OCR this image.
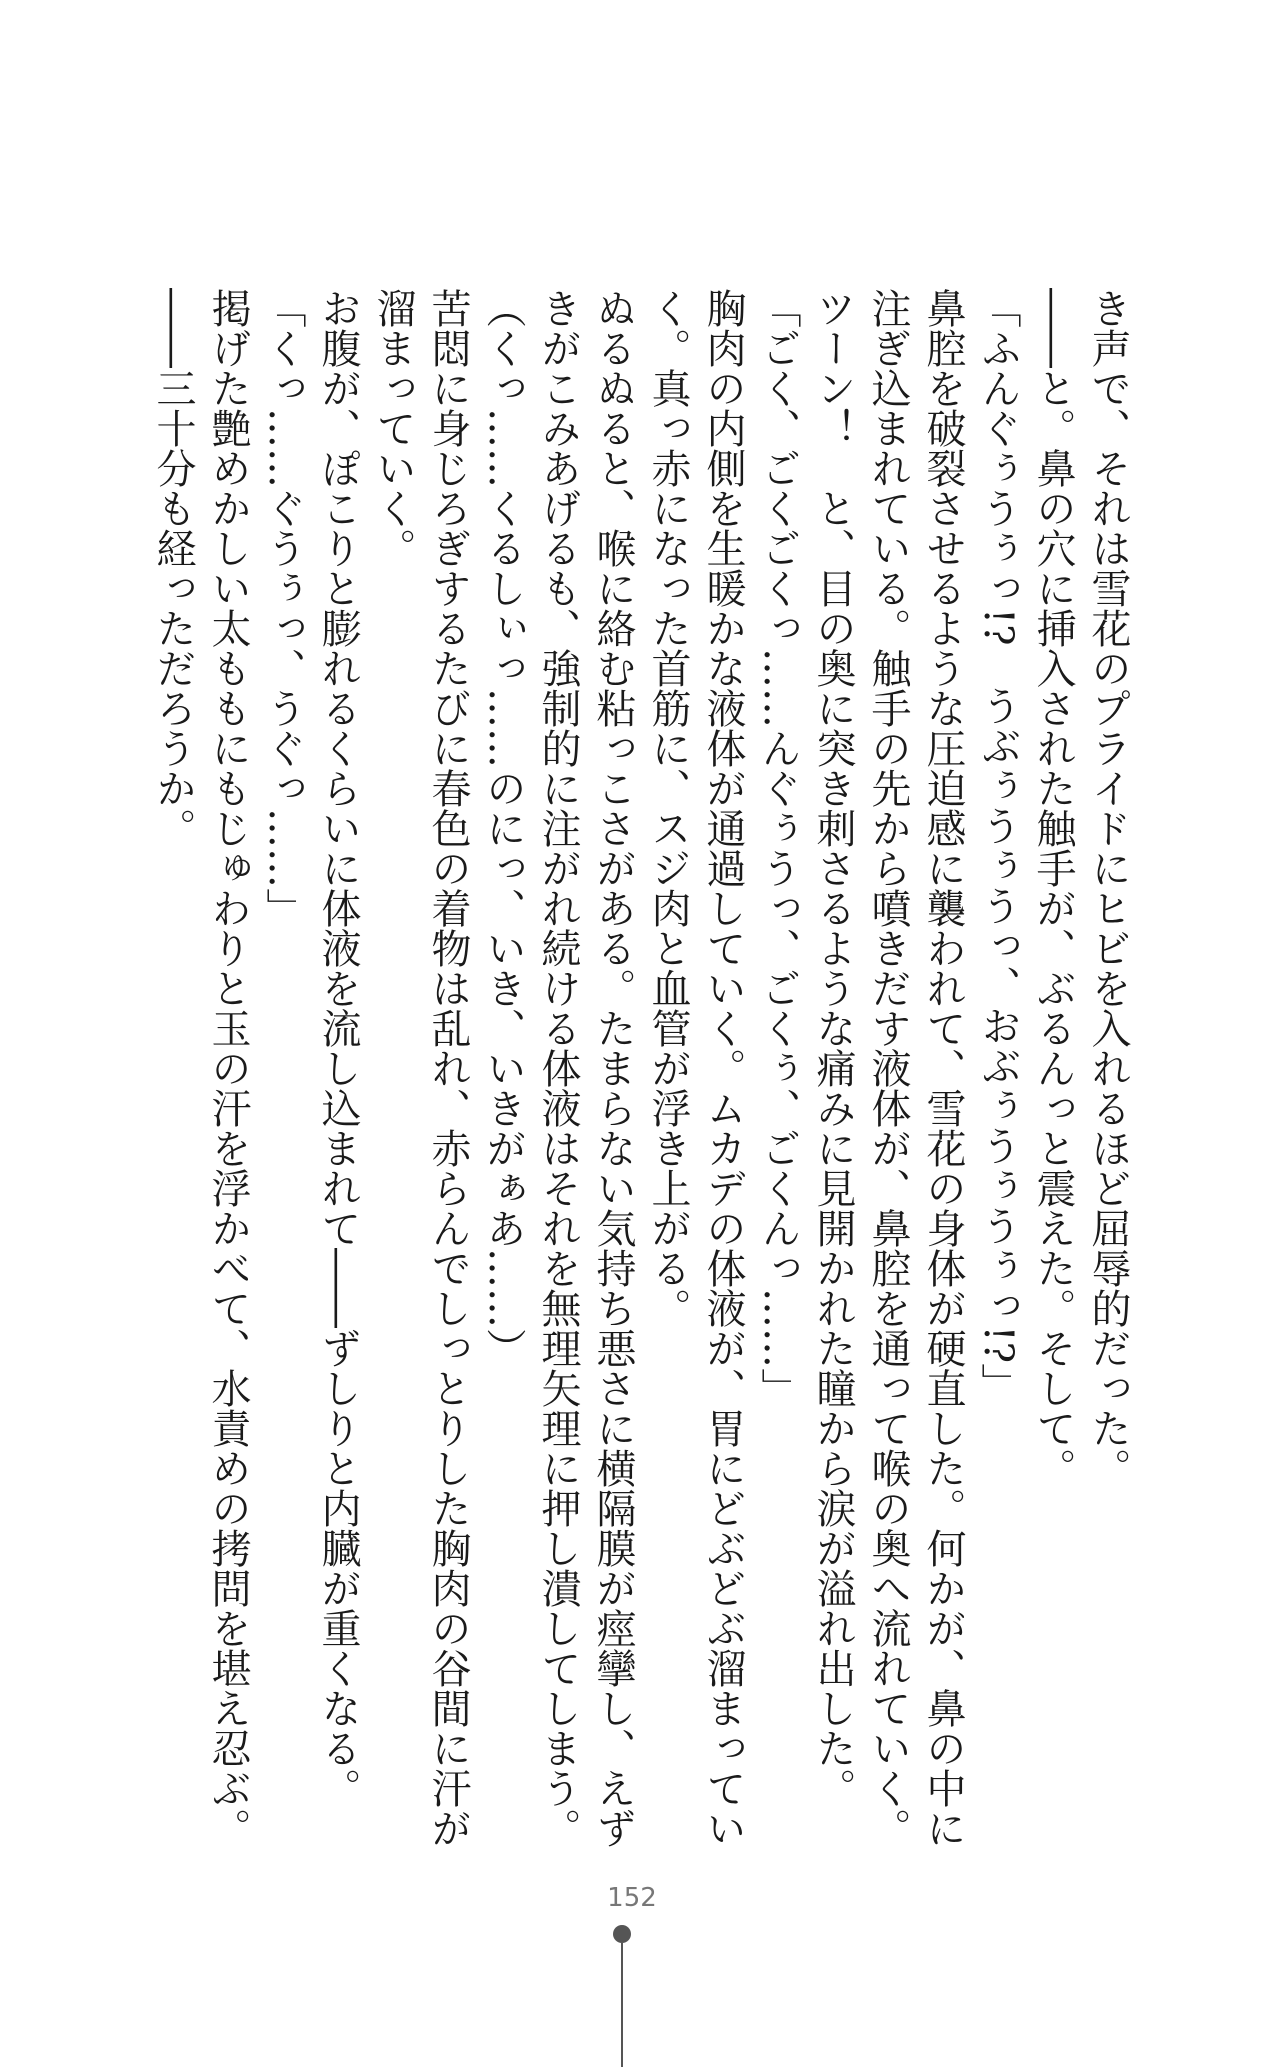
き声で、それは雪花のプライドにヒビを入れるほど屈辱的だった。
――と。鼻の穴に挿入された触手が、ぶるんっと震えた。そして。
「ふんぐぅうぅっ!?　うぶぅうぅうっ、おぶぅうぅうぅっ!?」
鼻腔を破裂させるような圧迫感に襲われて、雪花の身体が硬直した。何かが、鼻の中に
注ぎ込まれている。触手の先から噴きだす液体が、鼻腔を通って喉の奥へ流れていく。
ツーン！　と、目の奥に突き刺さるような痛みに見開かれた瞳から涙が溢れ出した。
「ごく、ごくごくっ……んぐぅうっ、ごくぅ、ごくんっ……」
胸肉の内側を生暖かな液体が通過していく。ムカデの体液が、胃にどぶどぶ溜まってい
く。真っ赤になった首筋に、スジ肉と血管が浮き上がる。
ぬるぬると、喉に絡む粘っこさがある。たまらない気持ち悪さに横隔膜が痙攣し、えず
きがこみあげるも、強制的に注がれ続ける体液はそれを無理矢理に押し潰してしまう。
（くっ……くるしぃっ……のにっ、いき、いきがぁあ……）
苦悶に身じろぎするたびに春色の着物は乱れ、赤らんでしっとりした胸肉の谷間に汗が
溜まっていく。
お腹が、ぽこりと膨れるくらいに体液を流し込まれて――ずしりと内臓が重くなる。
「くっ……ぐうぅっ、うぐっ……」
掲げた艶めかしい太ももにもじゅわりと玉の汗を浮かべて、水責めの拷問を堪え忍ぶ。
――三十分も経っただろうか。
152
